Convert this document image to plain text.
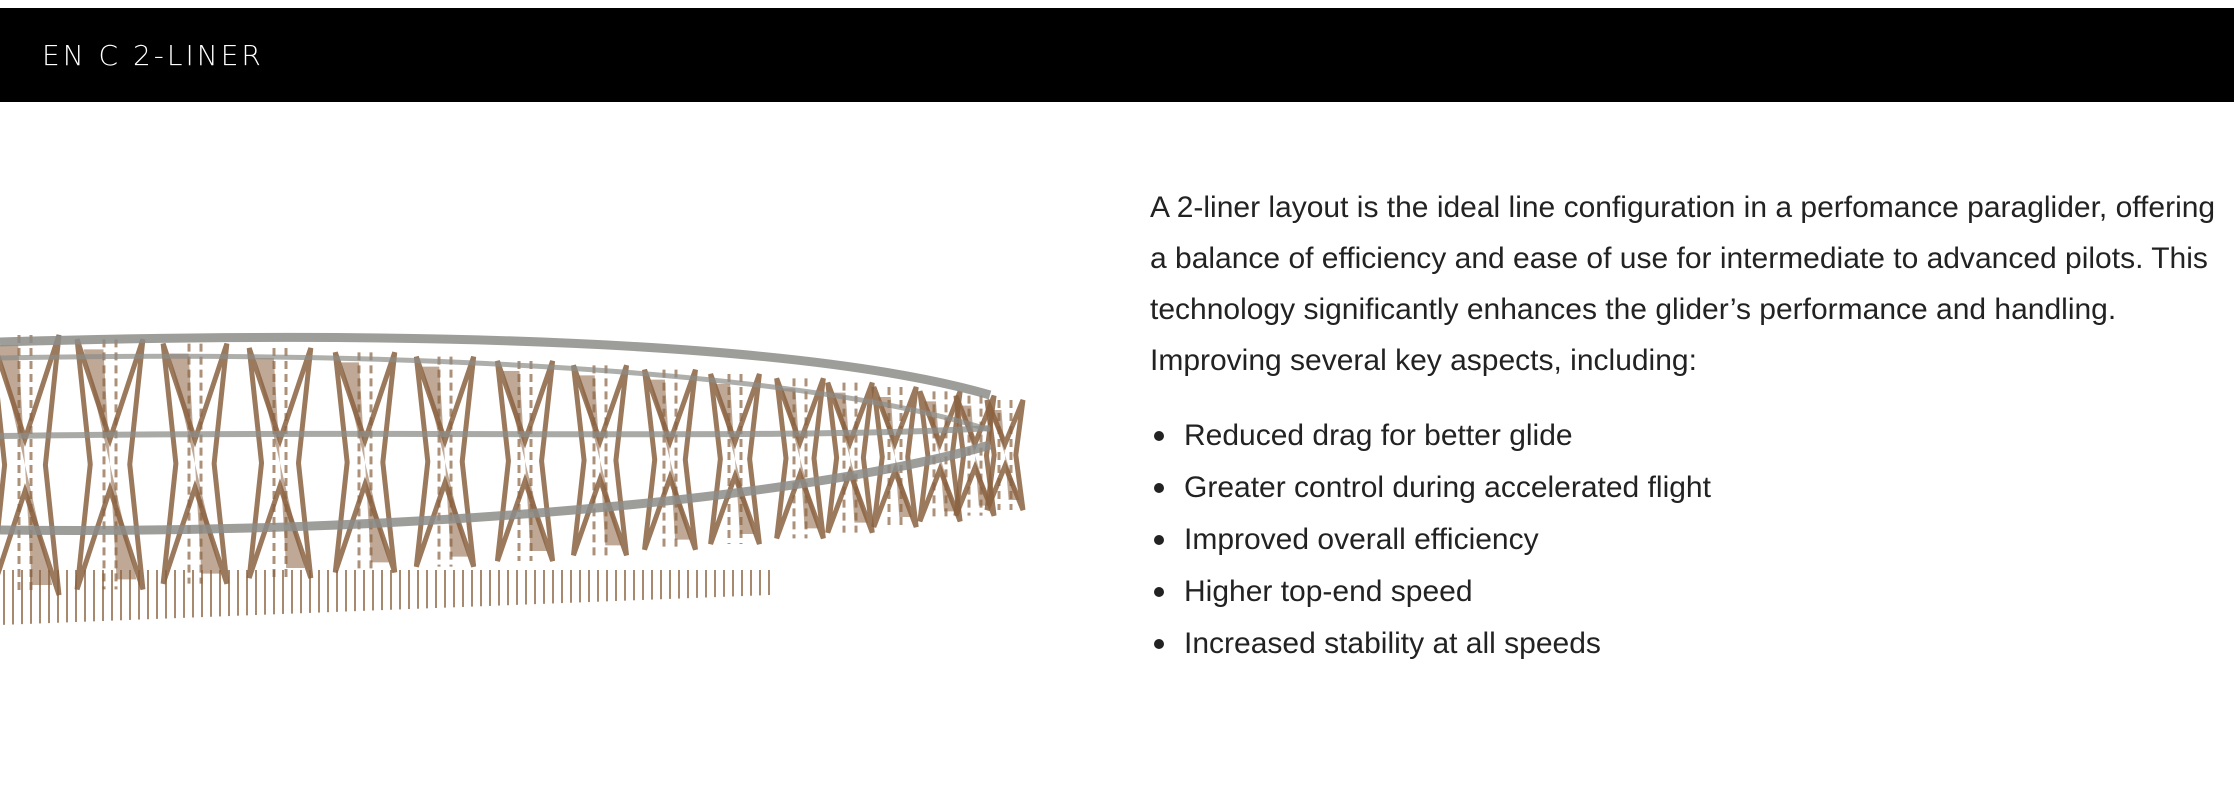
EN C 2-LINER

A 2-liner layout is the ideal line configuration in a perfomance paraglider, offering a balance of efficiency and ease of use for intermediate to advanced pilots. This technology significantly enhances the glider’s performance and handling. Improving several key aspects, including:

Reduced drag for better glide
Greater control during accelerated flight
Improved overall efficiency
Higher top-end speed
Increased stability at all speeds
